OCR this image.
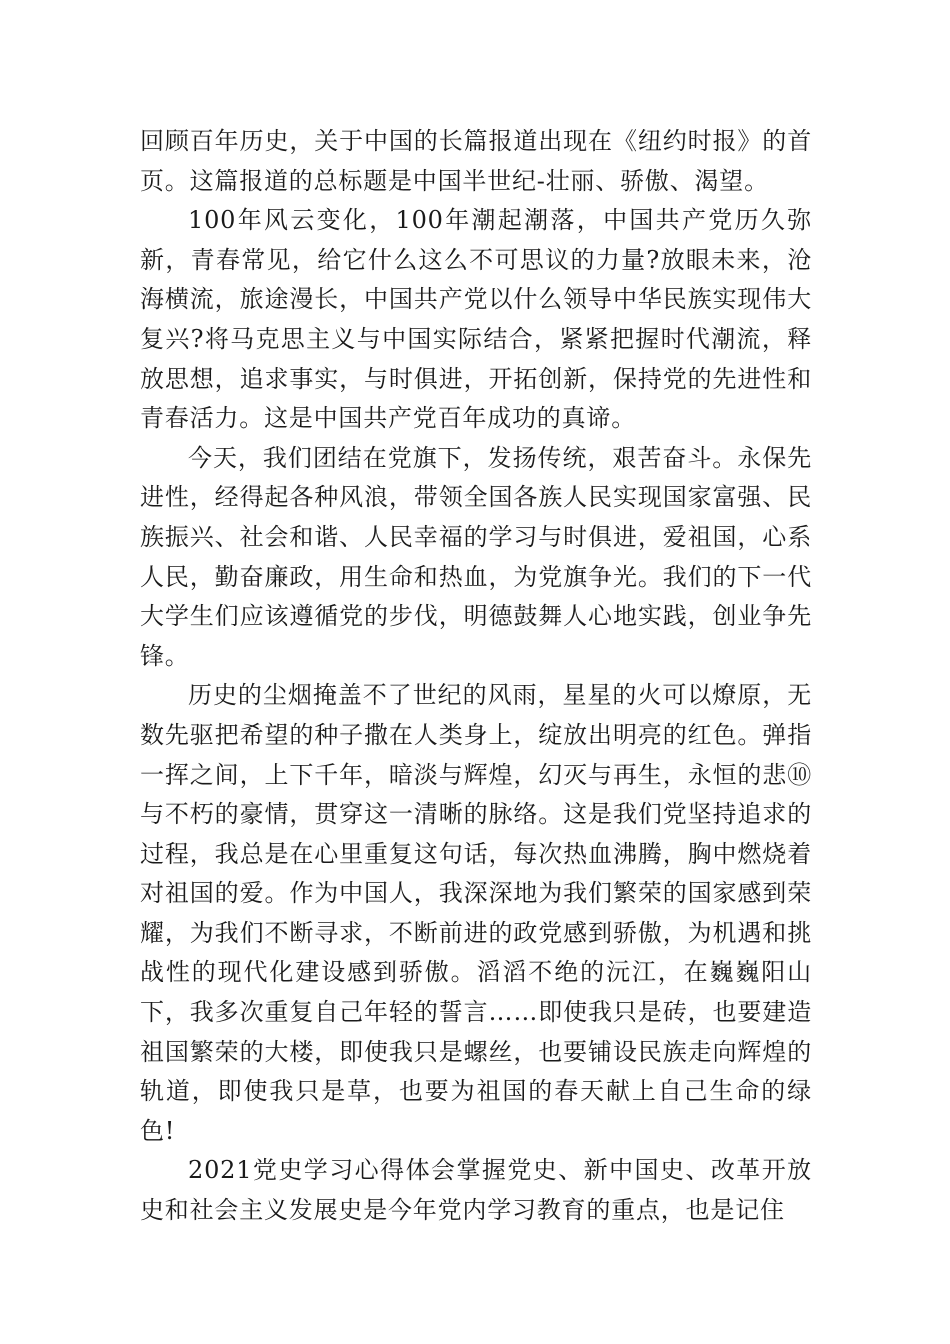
回顾百年历史，关于中国的长篇报道出现在《纽约时报》的首页。这篇报道的总标题是中国半世纪-壮丽、骄傲、渴望。

100年风云变化，100年潮起潮落，中国共产党历久弥新，青春常见，给它什么这么不可思议的力量?放眼未来，沧海横流，旅途漫长，中国共产党以什么领导中华民族实现伟大复兴?将马克思主义与中国实际结合，紧紧把握时代潮流，释放思想，追求事实，与时俱进，开拓创新，保持党的先进性和青春活力。这是中国共产党百年成功的真谛。

今天，我们团结在党旗下，发扬传统，艰苦奋斗。永保先进性，经得起各种风浪，带领全国各族人民实现国家富强、民族振兴、社会和谐、人民幸福的学习与时俱进，爱祖国，心系人民，勤奋廉政，用生命和热血，为党旗争光。我们的下一代大学生们应该遵循党的步伐，明德鼓舞人心地实践，创业争先锋。

历史的尘烟掩盖不了世纪的风雨，星星的火可以燎原，无数先驱把希望的种子撒在人类身上，绽放出明亮的红色。弹指一挥之间，上下千年，暗淡与辉煌，幻灭与再生，永恒的悲⑩与不朽的豪情，贯穿这一清晰的脉络。这是我们党坚持追求的过程，我总是在心里重复这句话，每次热血沸腾，胸中燃烧着对祖国的爱。作为中国人，我深深地为我们繁荣的国家感到荣耀，为我们不断寻求，不断前进的政党感到骄傲，为机遇和挑战性的现代化建设感到骄傲。滔滔不绝的沅江，在巍巍阳山下，我多次重复自己年轻的誓言……即使我只是砖，也要建造祖国繁荣的大楼，即使我只是螺丝，也要铺设民族走向辉煌的轨道，即使我只是草，也要为祖国的春天献上自己生命的绿色!

2021党史学习心得体会掌握党史、新中国史、改革开放史和社会主义发展史是今年党内学习教育的重点，也是记住
